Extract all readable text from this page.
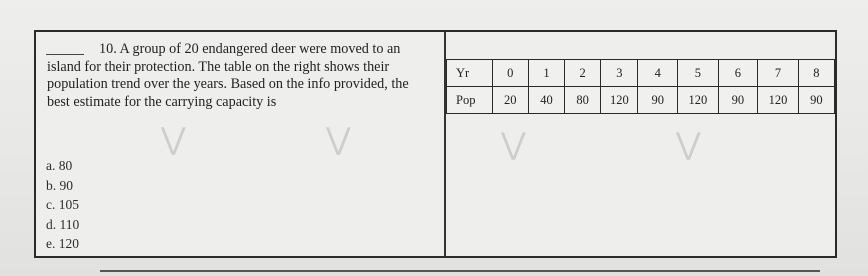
10. A group of 20 endangered deer were moved to an island for their protection. The table on the right shows their population trend over the years. Based on the info provided, the best estimate for the carrying capacity is
a. 80
b. 90
c. 105
d. 110
e. 120
Yr	0	1	2	3	4	5	6	7	8
Pop	20	40	80	120	90	120	90	120	90
⋁	⋁	⋁	⋁
